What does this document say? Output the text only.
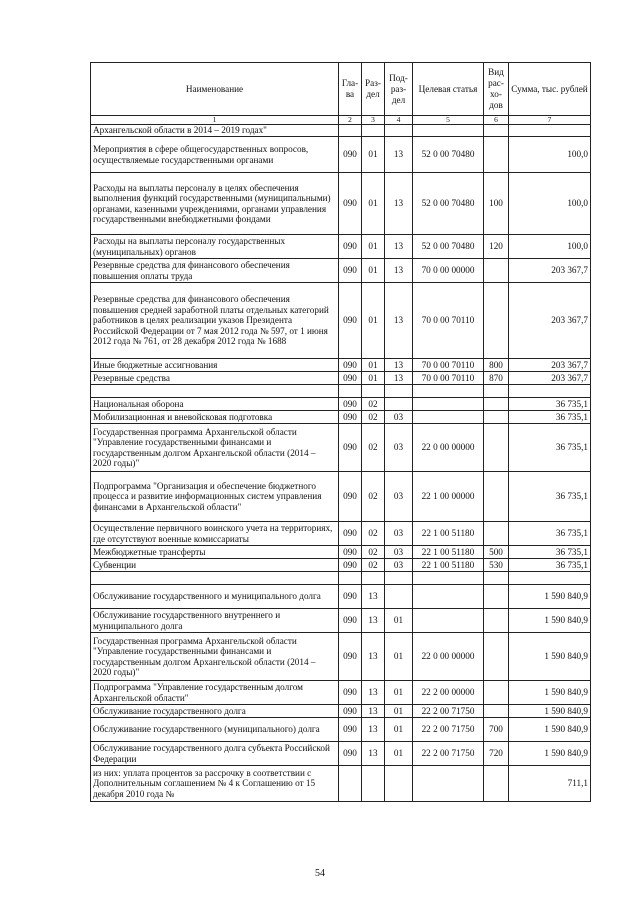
Наименование	Гла-ва	Раз-дел	Под-раз-дел	Целевая статья	Вид рас-хо-дов	Сумма, тыс. рублей
1	2	3	4	5	6	7
Архангельской области в 2014 – 2019 годах"						
Мероприятия в сфере общегосударственных вопросов, осуществляемые государственными органами	090	01	13	52 0 00 70480		100,0
Расходы на выплаты персоналу в целях обеспечения выполнения функций государственными (муниципальными) органами, казенными учреждениями, органами управления государственными внебюджетными фондами	090	01	13	52 0 00 70480	100	100,0
Расходы на выплаты персоналу государственных (муниципальных) органов	090	01	13	52 0 00 70480	120	100,0
Резервные средства для финансового обеспечения повышения оплаты труда	090	01	13	70 0 00 00000		203 367,7
Резервные средства для финансового обеспечения повышения средней заработной платы отдельных категорий работников в целях реализации указов Президента Российской Федерации от 7 мая 2012 года № 597, от 1 июня 2012 года № 761, от 28 декабря 2012 года № 1688	090	01	13	70 0 00 70110		203 367,7
Иные бюджетные ассигнования	090	01	13	70 0 00 70110	800	203 367,7
Резервные средства	090	01	13	70 0 00 70110	870	203 367,7

Национальная оборона	090	02				36 735,1
Мобилизационная и вневойсковая подготовка	090	02	03			36 735,1
Государственная программа Архангельской области "Управление государственными финансами и государственным долгом Архангельской области (2014 – 2020 годы)"	090	02	03	22 0 00 00000		36 735,1
Подпрограмма "Организация и обеспечение бюджетного процесса и развитие информационных систем управления финансами в Архангельской области"	090	02	03	22 1 00 00000		36 735,1
Осуществление первичного воинского учета на территориях, где отсутствуют военные комиссариаты	090	02	03	22 1 00 51180		36 735,1
Межбюджетные трансферты	090	02	03	22 1 00 51180	500	36 735,1
Субвенции	090	02	03	22 1 00 51180	530	36 735,1

Обслуживание государственного и муниципального долга	090	13				1 590 840,9
Обслуживание государственного внутреннего и муниципального долга	090	13	01			1 590 840,9
Государственная программа Архангельской области "Управление государственными финансами и государственным долгом Архангельской области (2014 – 2020 годы)"	090	13	01	22 0 00 00000		1 590 840,9
Подпрограмма "Управление государственным долгом Архангельской области"	090	13	01	22 2 00 00000		1 590 840,9
Обслуживание государственного долга	090	13	01	22 2 00 71750		1 590 840,9
Обслуживание государственного (муниципального) долга	090	13	01	22 2 00 71750	700	1 590 840,9
Обслуживание государственного долга субъекта Российской Федерации	090	13	01	22 2 00 71750	720	1 590 840,9
из них: уплата процентов за рассрочку в соответствии с Дополнительным соглашением № 4 к Соглашению от 15 декабря 2010 года №						711,1
54
